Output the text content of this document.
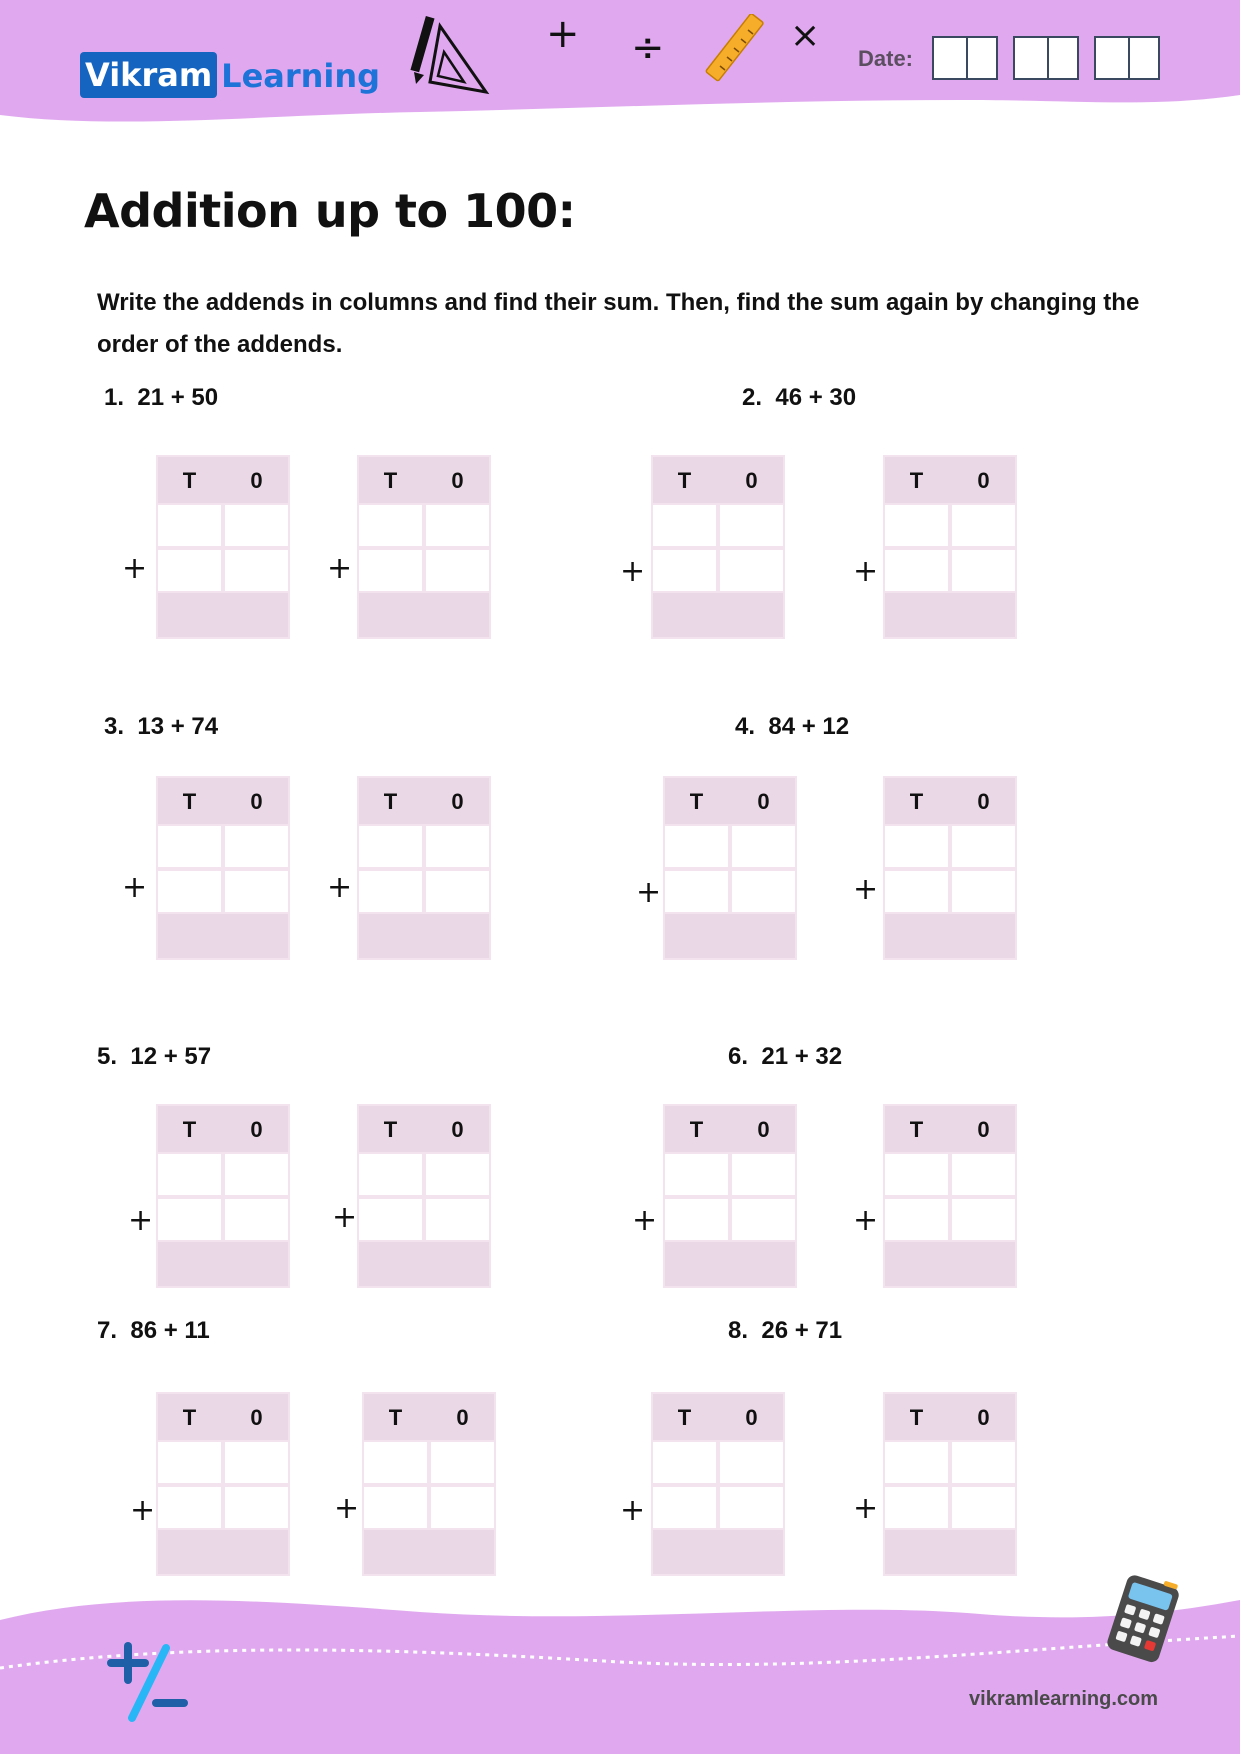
Vikram Learning
+ ÷	×
Date:
Addition up to 100:

Write the addends in columns and find their sum. Then, find the sum again by changing the order of the addends.

1.  21 + 50	2.  46 + 30
3.  13 + 74	4.  84 + 12
5.  12 + 57	6.  21 + 32
7.  86 + 11	8.  26 + 71
T	0
+
T	0
+
T	0
+
T	0
+
T	0
+
T	0
+
T	0
+
T	0
+
T	0
+
T	0
+
T	0
+
T	0
+
T	0
+
T	0
+
T	0
+
T	0
+
vikramlearning.com
